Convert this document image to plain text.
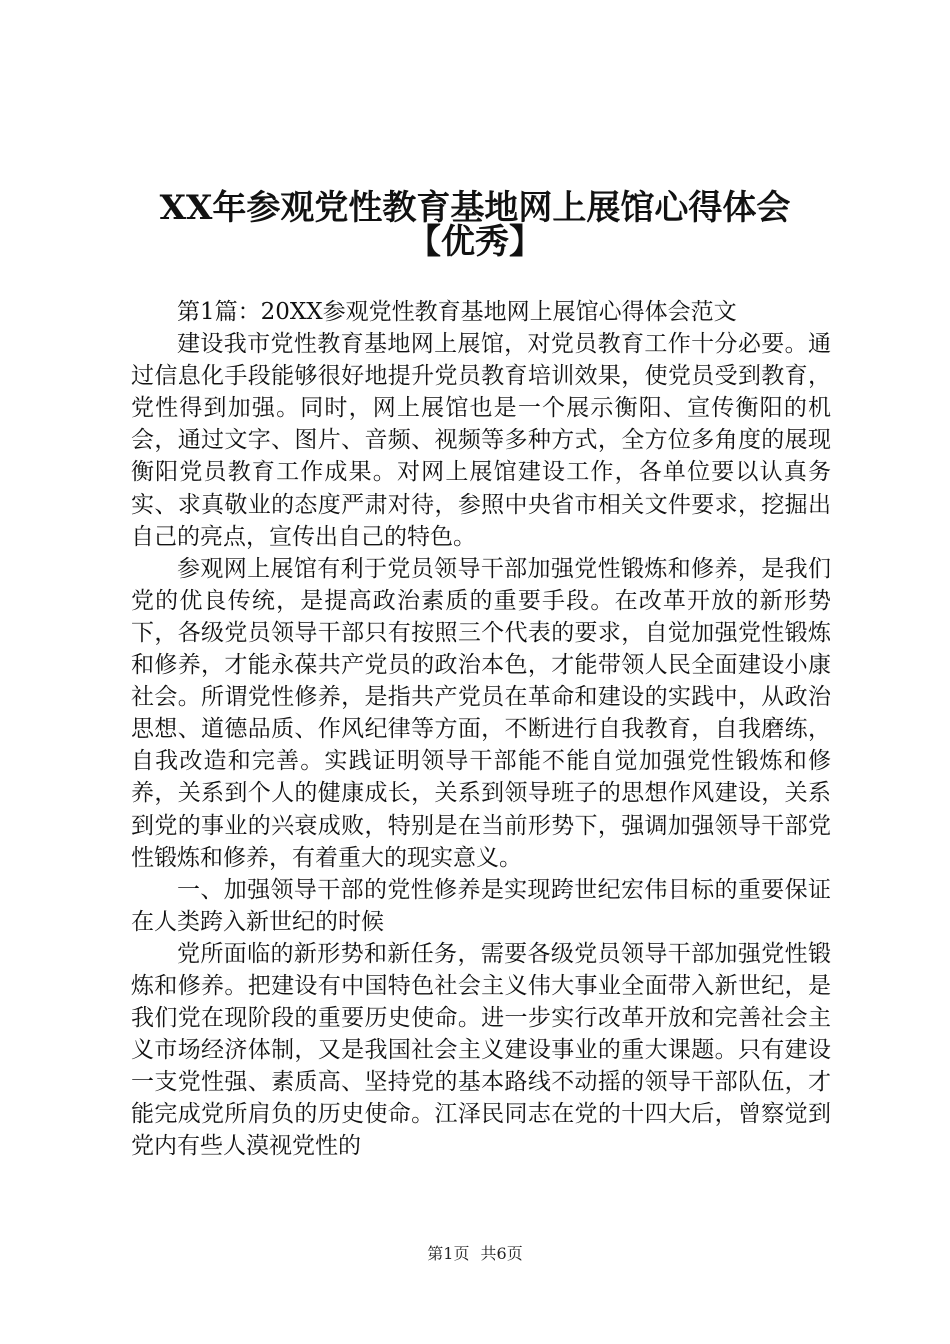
XX年参观党性教育基地网上展馆心得体会
【优秀】

第1篇：20XX参观党性教育基地网上展馆心得体会范文

建设我市党性教育基地网上展馆，对党员教育工作十分必要。通过信息化手段能够很好地提升党员教育培训效果，使党员受到教育，党性得到加强。同时，网上展馆也是一个展示衡阳、宣传衡阳的机会，通过文字、图片、音频、视频等多种方式，全方位多角度的展现衡阳党员教育工作成果。对网上展馆建设工作，各单位要以认真务实、求真敬业的态度严肃对待，参照中央省市相关文件要求，挖掘出自己的亮点，宣传出自己的特色。

参观网上展馆有利于党员领导干部加强党性锻炼和修养，是我们党的优良传统，是提高政治素质的重要手段。在改革开放的新形势下，各级党员领导干部只有按照三个代表的要求，自觉加强党性锻炼和修养，才能永葆共产党员的政治本色，才能带领人民全面建设小康社会。所谓党性修养，是指共产党员在革命和建设的实践中，从政治思想、道德品质、作风纪律等方面，不断进行自我教育，自我磨练，自我改造和完善。实践证明领导干部能不能自觉加强党性锻炼和修养，关系到个人的健康成长，关系到领导班子的思想作风建设，关系到党的事业的兴衰成败，特别是在当前形势下，强调加强领导干部党性锻炼和修养，有着重大的现实意义。

一、加强领导干部的党性修养是实现跨世纪宏伟目标的重要保证在人类跨入新世纪的时候

党所面临的新形势和新任务，需要各级党员领导干部加强党性锻炼和修养。把建设有中国特色社会主义伟大事业全面带入新世纪，是我们党在现阶段的重要历史使命。进一步实行改革开放和完善社会主义市场经济体制，又是我国社会主义建设事业的重大课题。只有建设一支党性强、素质高、坚持党的基本路线不动摇的领导干部队伍，才能完成党所肩负的历史使命。江泽民同志在党的十四大后，曾察觉到党内有些人漠视党性的

第1页 共6页
